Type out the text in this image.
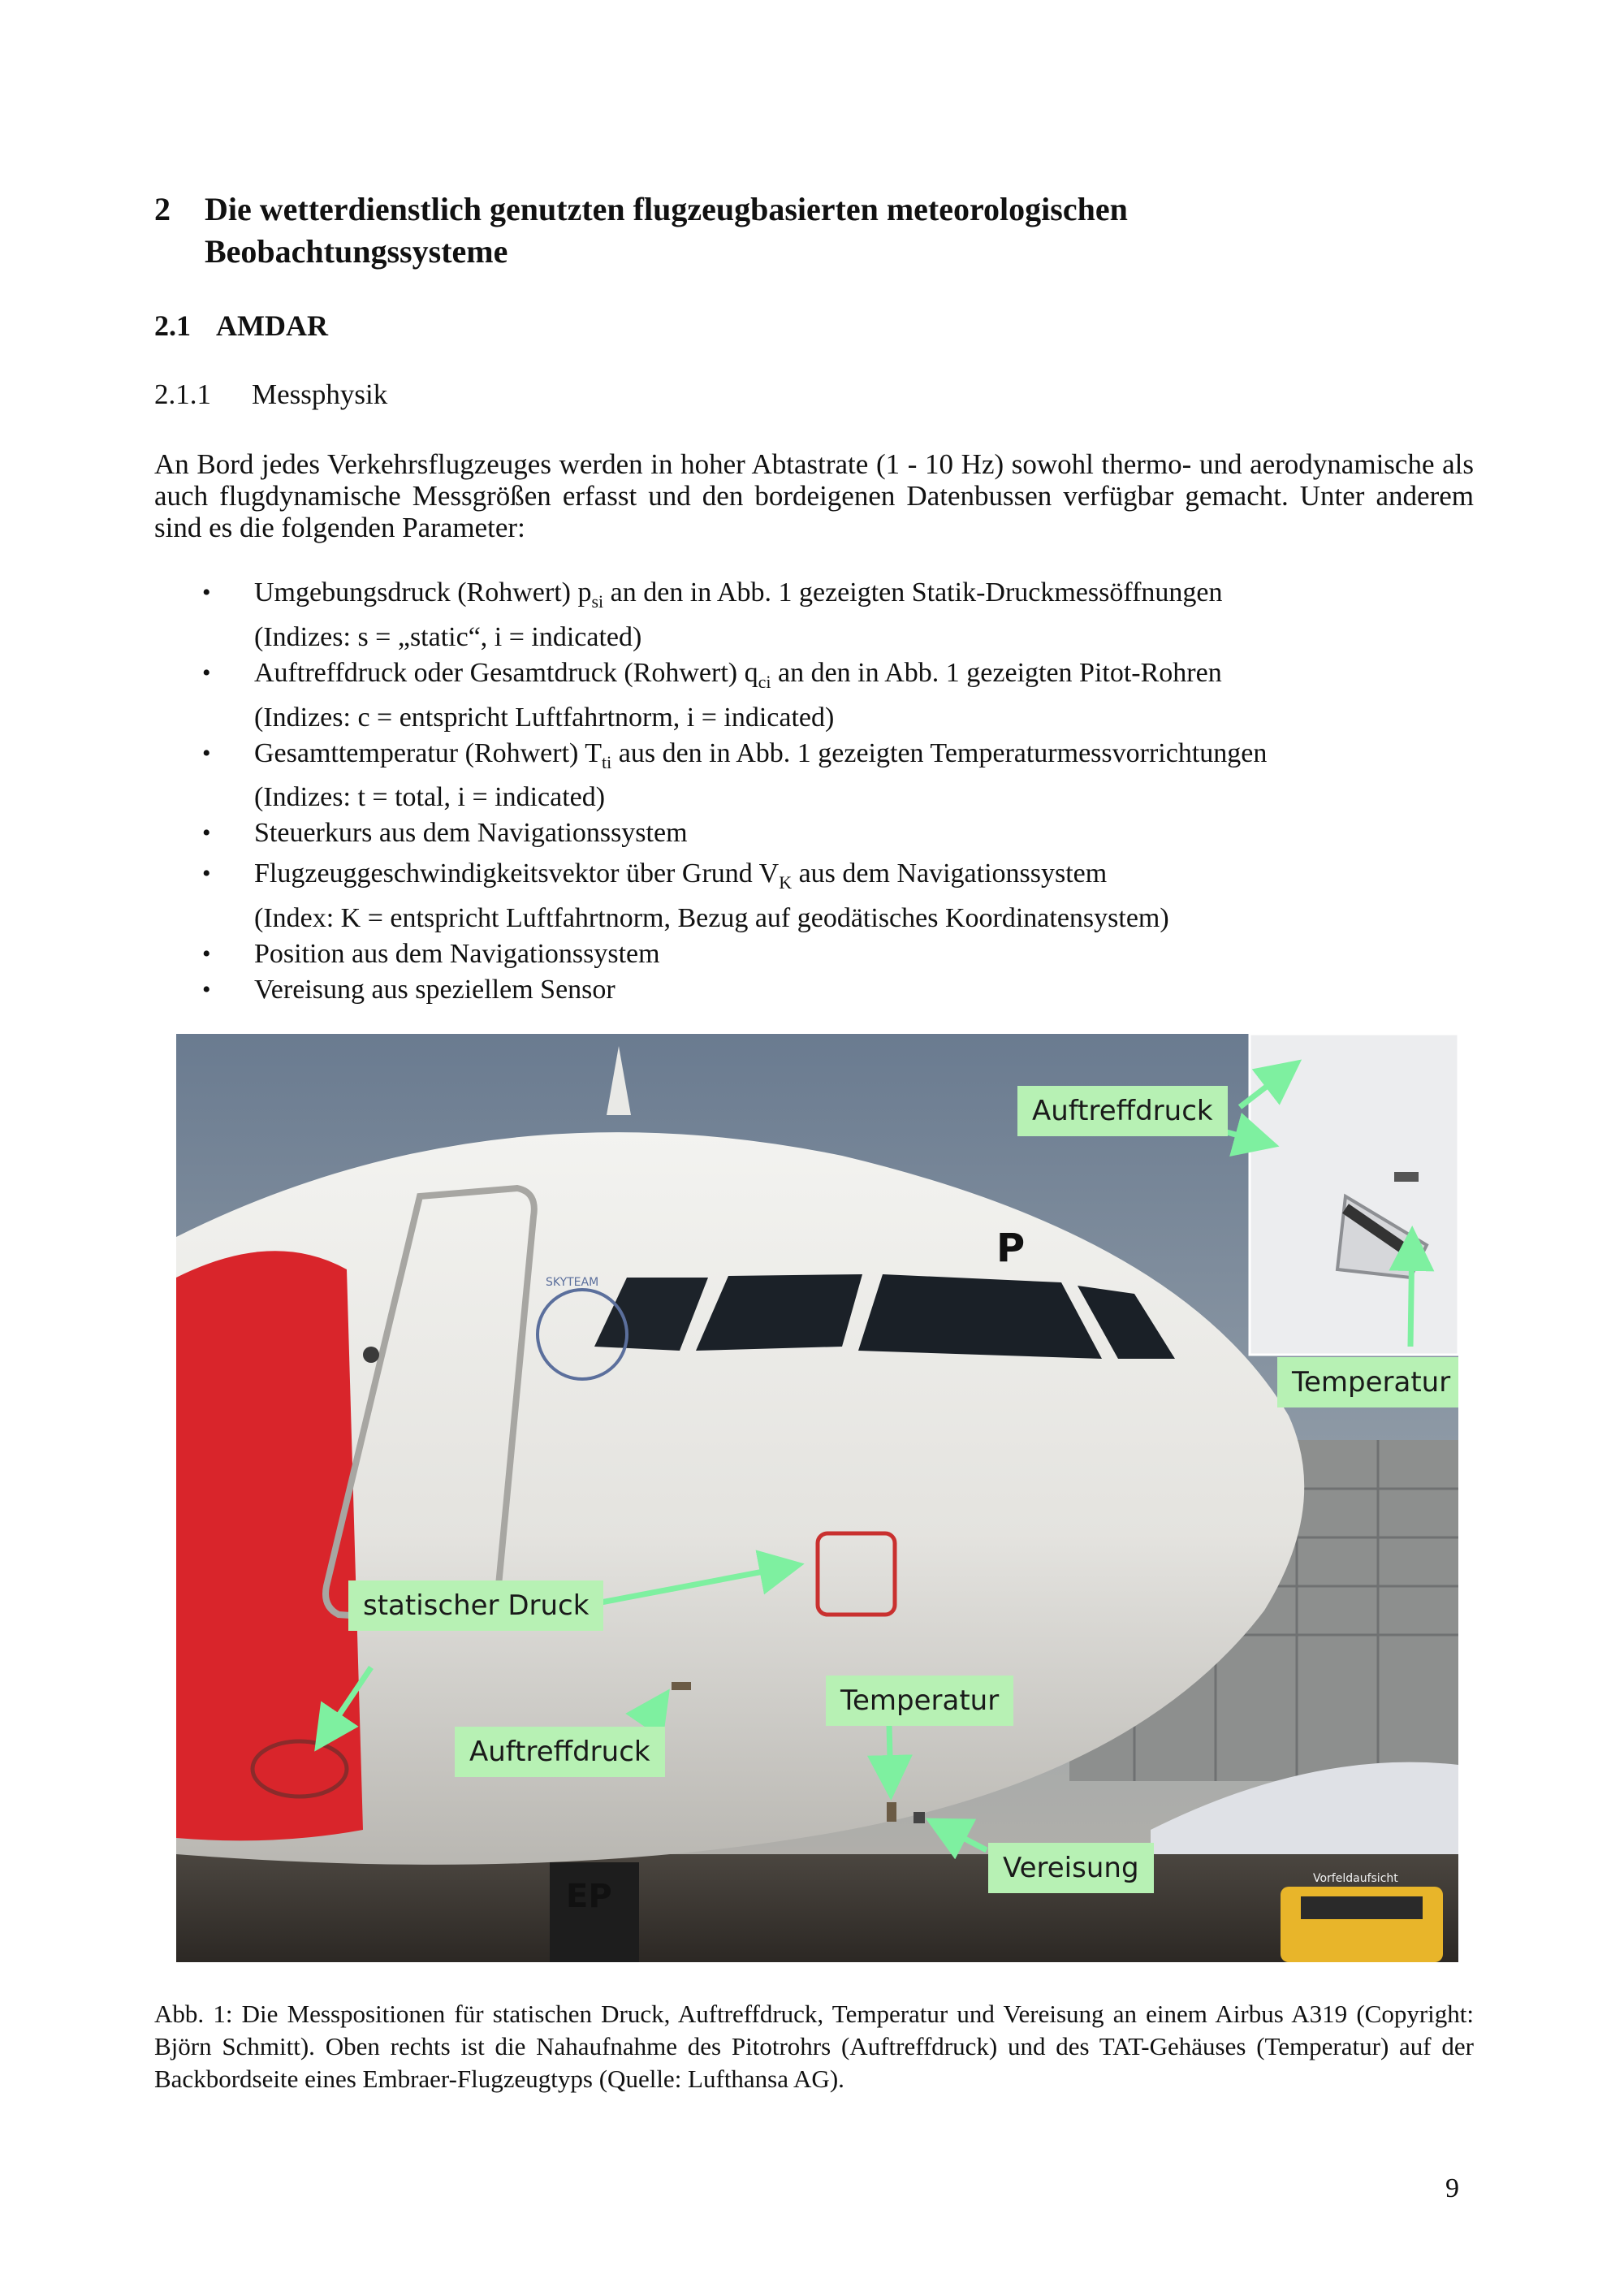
2 Die wetterdienstlich genutzten flugzeugbasierten meteorologischen Beobachtungssysteme
2.1 AMDAR
2.1.1 Messphysik
An Bord jedes Verkehrsflugzeuges werden in hoher Abtastrate (1 - 10 Hz) sowohl thermo- und aerodynamische als auch flugdynamische Messgrößen erfasst und den bordeigenen Datenbussen verfügbar gemacht. Unter anderem sind es die folgenden Parameter:
• Umgebungsdruck (Rohwert) $p_{si}$ an den in Abb. 1 gezeigten Statik-Druckmessöffnungen
(Indizes: s = „static“, i = indicated)
• Auftreffdruck oder Gesamtdruck (Rohwert) $q_{ci}$ an den in Abb. 1 gezeigten Pitot-Rohren
(Indizes: c = entspricht Luftfahrtnorm, i = indicated)
• Gesamttemperatur (Rohwert) $T_{ti}$ aus den in Abb. 1 gezeigten Temperaturmessvorrichtungen
(Indizes: t = total, i = indicated)
• Steuerkurs aus dem Navigationssystem
• Flugzeuggeschwindigkeitsvektor über Grund $V_K$ aus dem Navigationssystem
(Index: K = entspricht Luftfahrtnorm, Bezug auf geodätisches Koordinatensystem)
• Position aus dem Navigationssystem
• Vereisung aus speziellem Sensor
Vorfeldaufsicht
P
SKYTEAM
EP
Auftreffdruck
Temperatur
statischer Druck
Temperatur
Auftreffdruck
Vereisung
Abb. 1: Die Messpositionen für statischen Druck, Auftreffdruck, Temperatur und Vereisung an einem Airbus A319 (Copyright: Björn Schmitt). Oben rechts ist die Nahaufnahme des Pitotrohrs (Auftreffdruck) und des TAT-Gehäuses (Temperatur) auf der Backbordseite eines Embraer-Flugzeugtyps (Quelle: Lufthansa AG).
9
